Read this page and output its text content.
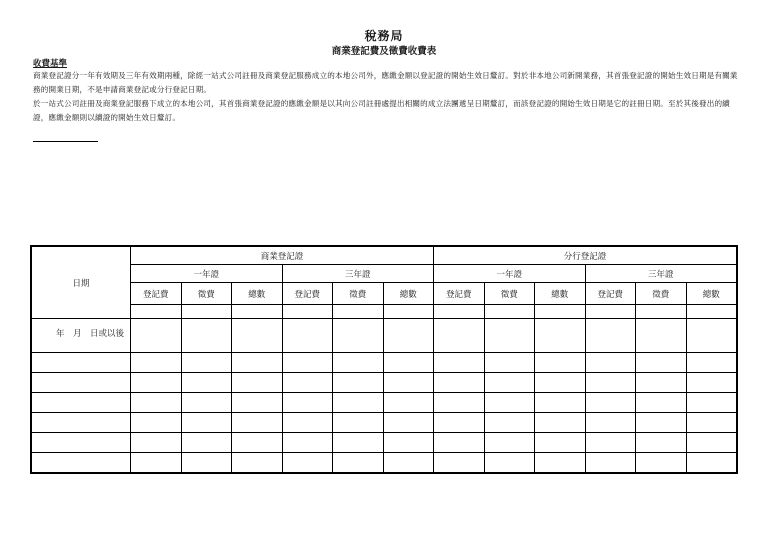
稅務局
商業登記費及徵費收費表
收費基準
商業登記證分一年有效期及三年有效期兩種，除經一站式公司註冊及商業登記服務成立的本地公司外，應繳金額以登記證的開始生效日釐訂。對於非本地公司新開業務，其首張登記證的開始生效日期是有關業務的開業日期，不是申請商業登記或分行登記日期。
於一站式公司註冊及商業登記服務下成立的本地公司，其首張商業登記證的應繳金額是以其向公司註冊處提出相關的成立法團遞呈日期釐訂，而該登記證的開始生效日期是它的註冊日期。至於其後發出的續證，應繳金額則以續證的開始生效日釐訂。
日期	商業登記證						分行登記證					
	一年證			三年證			一年證			三年證		
	登記費	徵費	總數	登記費	徵費	總數	登記費	徵費	總數	登記費	徵費	總數

年　月　日或以後												
